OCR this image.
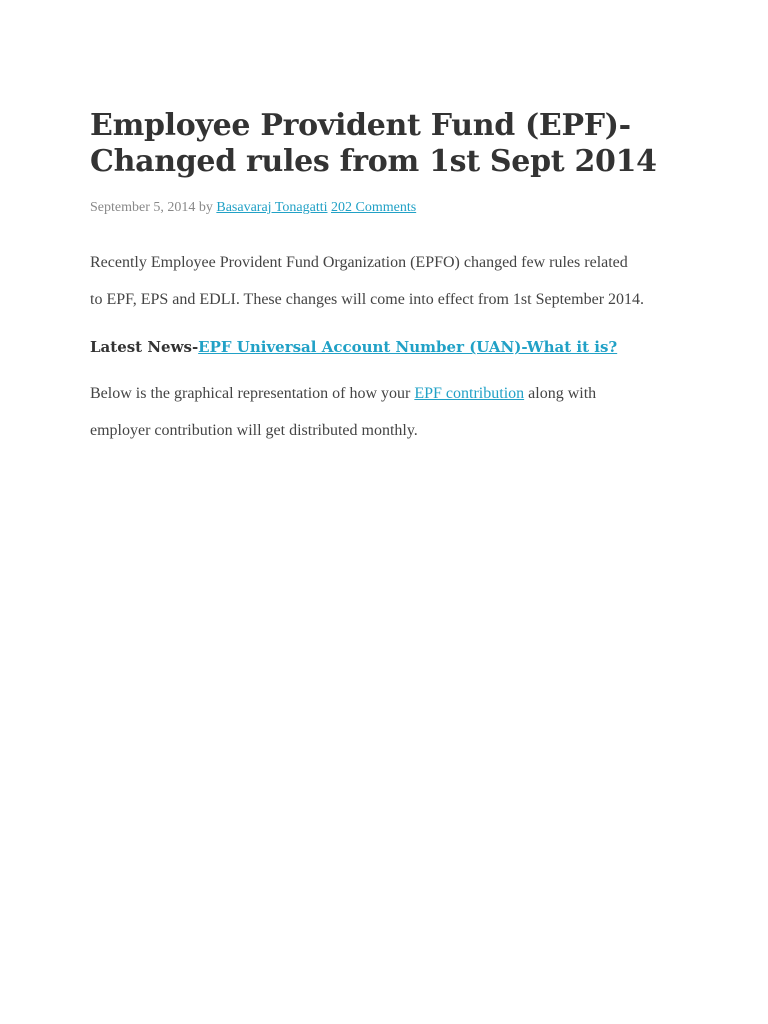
Employee Provident Fund (EPF)-
Changed rules from 1st Sept 2014
September 5, 2014 by Basavaraj Tonagatti 202 Comments

Recently Employee Provident Fund Organization (EPFO) changed few rules related
to EPF, EPS and EDLI. These changes will come into effect from 1st September 2014.

Latest News-EPF Universal Account Number (UAN)-What it is?

Below is the graphical representation of how your EPF contribution along with
employer contribution will get distributed monthly.
